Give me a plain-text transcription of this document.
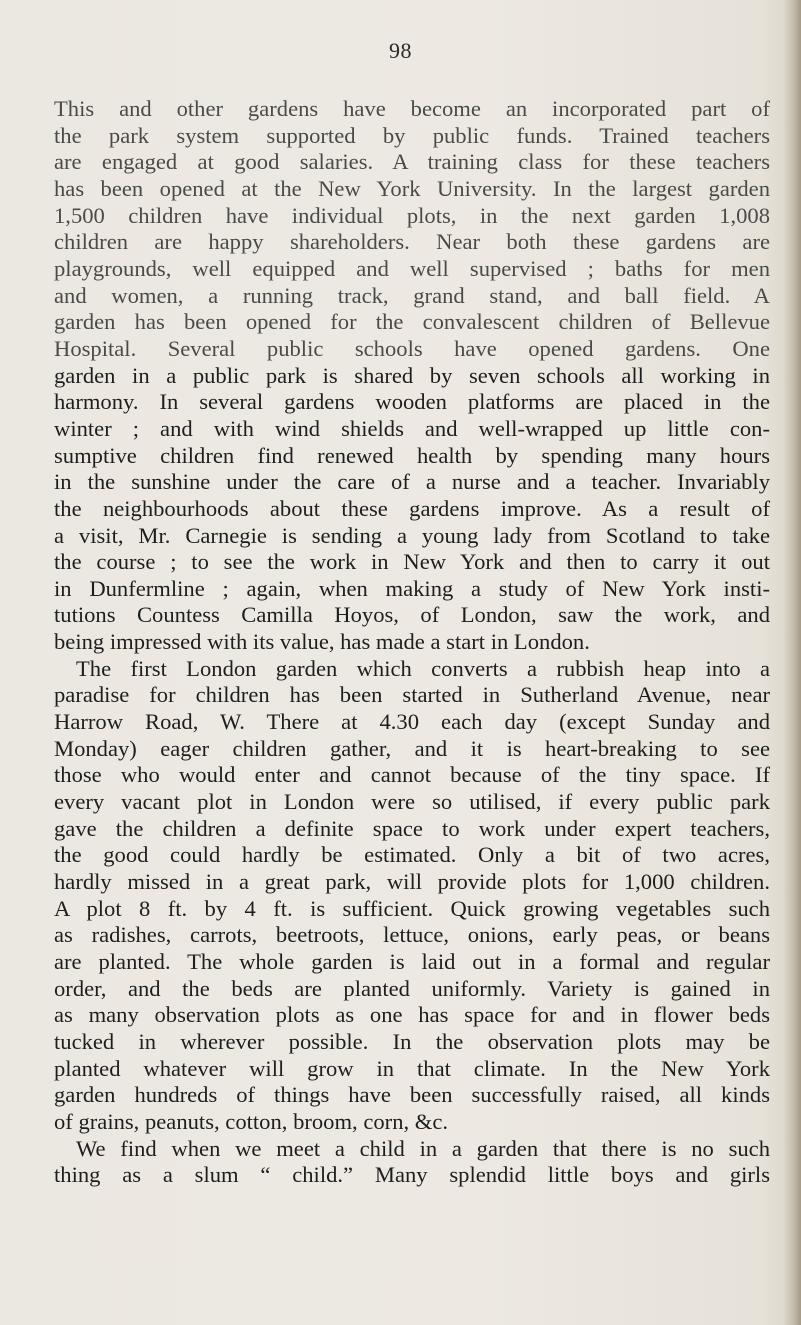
98
This and other gardens have become an incorporated part of
the park system supported by public funds. Trained teachers
are engaged at good salaries. A training class for these teachers
has been opened at the New York University. In the largest garden
1,500 children have individual plots, in the next garden 1,008
children are happy shareholders. Near both these gardens are
playgrounds, well equipped and well supervised ; baths for men
and women, a running track, grand stand, and ball field. A
garden has been opened for the convalescent children of Bellevue
Hospital. Several public schools have opened gardens. One
garden in a public park is shared by seven schools all working in
harmony. In several gardens wooden platforms are placed in the
winter ; and with wind shields and well-wrapped up little con-
sumptive children find renewed health by spending many hours
in the sunshine under the care of a nurse and a teacher. Invariably
the neighbourhoods about these gardens improve. As a result of
a visit, Mr. Carnegie is sending a young lady from Scotland to take
the course ; to see the work in New York and then to carry it out
in Dunfermline ; again, when making a study of New York insti-
tutions Countess Camilla Hoyos, of London, saw the work, and
being impressed with its value, has made a start in London.
The first London garden which converts a rubbish heap into a
paradise for children has been started in Sutherland Avenue, near
Harrow Road, W. There at 4.30 each day (except Sunday and
Monday) eager children gather, and it is heart-breaking to see
those who would enter and cannot because of the tiny space. If
every vacant plot in London were so utilised, if every public park
gave the children a definite space to work under expert teachers,
the good could hardly be estimated. Only a bit of two acres,
hardly missed in a great park, will provide plots for 1,000 children.
A plot 8 ft. by 4 ft. is sufficient. Quick growing vegetables such
as radishes, carrots, beetroots, lettuce, onions, early peas, or beans
are planted. The whole garden is laid out in a formal and regular
order, and the beds are planted uniformly. Variety is gained in
as many observation plots as one has space for and in flower beds
tucked in wherever possible. In the observation plots may be
planted whatever will grow in that climate. In the New York
garden hundreds of things have been successfully raised, all kinds
of grains, peanuts, cotton, broom, corn, &c.
We find when we meet a child in a garden that there is no such
thing as a slum “ child.” Many splendid little boys and girls
